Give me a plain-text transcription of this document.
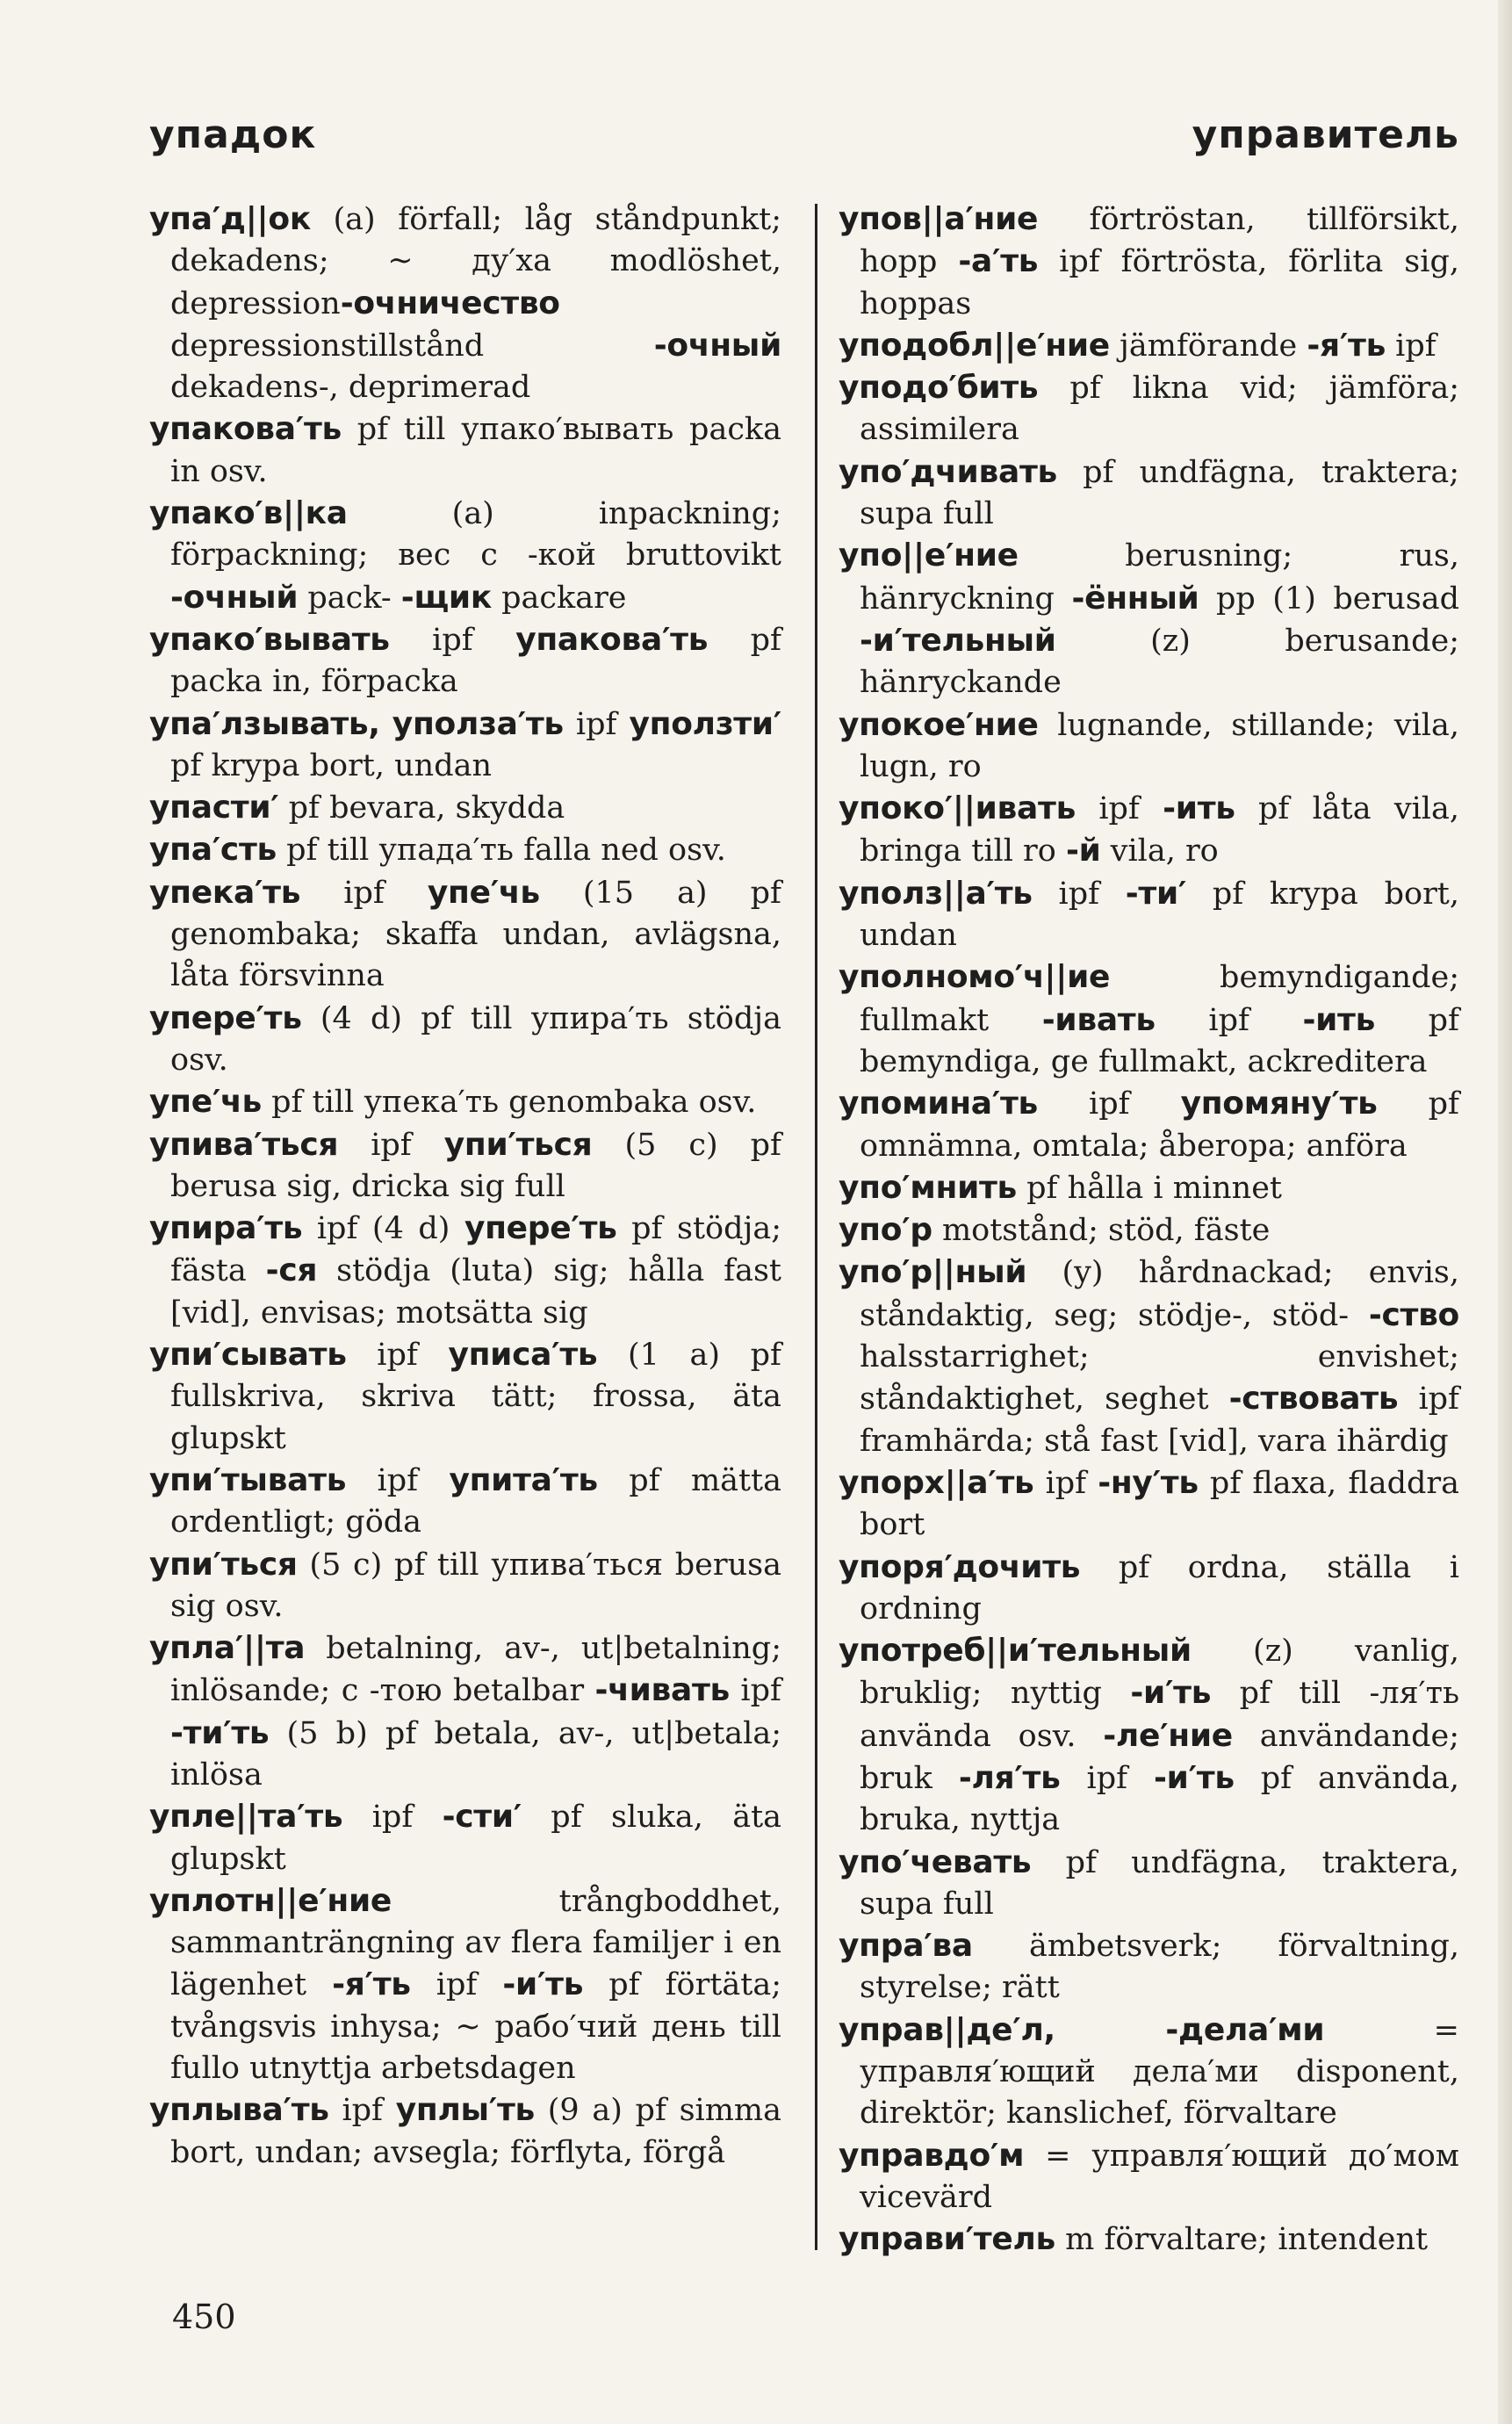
упадок	управитель

упа′д||ок (a) förfall; låg ståndpunkt; dekadens; ~ ду′ха modlöshet, depression-очничество depressionstillstånd -очный dekadens-, deprimerad

упакова′ть pf till упако′вывать packa in osv.

упако′в||ка (a) inpackning; förpackning; вес с -кой bruttovikt -очный pack- -щик packare

упако′вывать ipf упакова′ть pf packa in, förpacka

упа′лзывать, уполза′ть ipf уползти′ pf krypa bort, undan

упасти′ pf bevara, skydda

упа′сть pf till упада′ть falla ned osv.

упека′ть ipf упе′чь (15 a) pf genombaka; skaffa undan, avlägsna, låta försvinna

упере′ть (4 d) pf till упира′ть stödja osv.

упе′чь pf till упека′ть genombaka osv.

упива′ться ipf упи′ться (5 c) pf berusa sig, dricka sig full

упира′ть ipf (4 d) упере′ть pf stödja; fästa -ся stödja (luta) sig; hålla fast [vid], envisas; motsätta sig

упи′сывать ipf уписа′ть (1 a) pf fullskriva, skriva tätt; frossa, äta glupskt

упи′тывать ipf упита′ть pf mätta ordentligt; göda

упи′ться (5 c) pf till упива′ться berusa sig osv.

упла′||та betalning, av-, ut|betalning; inlösande; с -тою betalbar -чивать ipf -ти′ть (5 b) pf betala, av-, ut|betala; inlösa

упле||та′ть ipf -сти′ pf sluka, äta glupskt

уплотн||е′ние trångboddhet, sammanträngning av flera familjer i en lägenhet -я′ть ipf -и′ть pf förtäta; tvångsvis inhysa; ~ рабо′чий день till fullo utnyttja arbetsdagen

уплыва′ть ipf уплы′ть (9 a) pf simma bort, undan; avsegla; förflyta, förgå

упов||а′ние förtröstan, tillförsikt, hopp -а′ть ipf förtrösta, förlita sig, hoppas

уподобл||е′ние jämförande -я′ть ipf

уподо′бить pf likna vid; jämföra; assimilera

упо′дчивать pf undfägna, traktera; supa full

упо||е′ние berusning; rus, hänryckning -ённый pp (1) berusad -и′тельный (z) berusande; hänryckande

упокое′ние lugnande, stillande; vila, lugn, ro

упоко′||ивать ipf -ить pf låta vila, bringa till ro -й vila, ro

уполз||а′ть ipf -ти′ pf krypa bort, undan

уполномо′ч||ие bemyndigande; fullmakt -ивать ipf -ить pf bemyndiga, ge fullmakt, ackreditera

упомина′ть ipf упомяну′ть pf omnämna, omtala; åberopa; anföra

упо′мнить pf hålla i minnet

упо′р motstånd; stöd, fäste

упо′р||ный (y) hårdnackad; envis, ståndaktig, seg; stödje-, stöd- -ство halsstarrighet; envishet; ståndaktighet, seghet -ствовать ipf framhärda; stå fast [vid], vara ihärdig

упорх||а′ть ipf -ну′ть pf flaxa, fladdra bort

упоря′дочить pf ordna, ställa i ordning

употреб||и′тельный (z) vanlig, bruklig; nyttig -и′ть pf till -ля′ть använda osv. -ле′ние användande; bruk -ля′ть ipf -и′ть pf använda, bruka, nyttja

упо′чевать pf undfägna, traktera, supa full

упра′ва ämbetsverk; förvaltning, styrelse; rätt

управ||де′л, -дела′ми = управля′ющий дела′ми disponent, direktör; kanslichef, förvaltare

управдо′м = управля′ющий до′мом vicevärd

управи′тель m förvaltare; intendent

450
